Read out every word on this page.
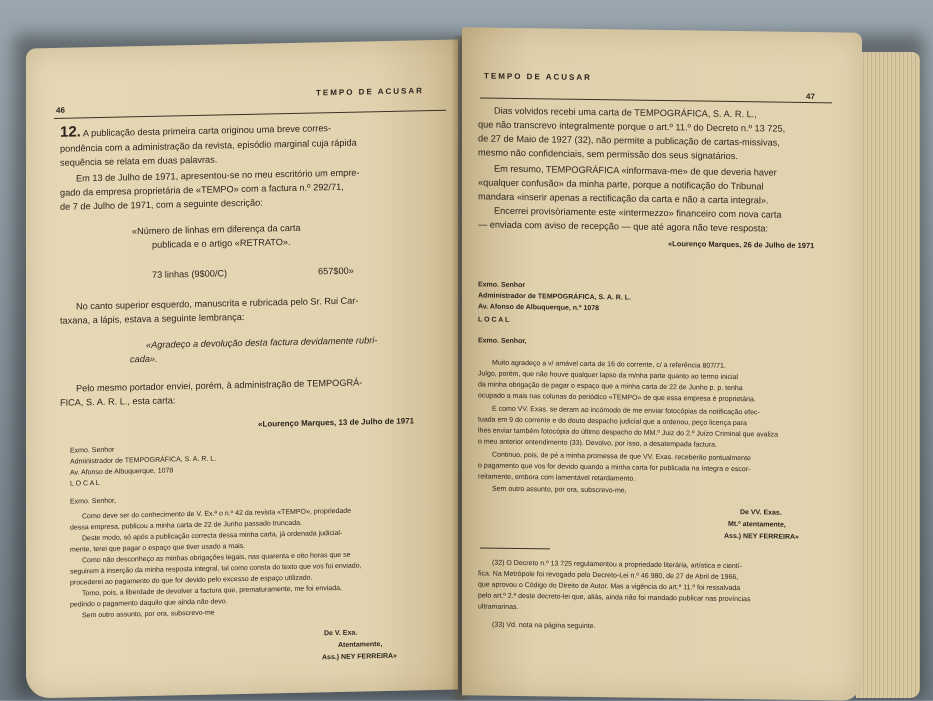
46
TEMPO DE ACUSAR
12. A publicação desta primeira carta originou uma breve corres-
pondência com a administração da revista, episódio marginal cuja rápida
sequência se relata em duas palavras.
Em 13 de Julho de 1971, apresentou-se no meu escritório um empre-
gado da empresa proprietária de «TEMPO» com a factura n.º 292/71,
de 7 de Julho de 1971, com a seguinte descrição:
«Número de linhas em diferença da carta
publicada e o artigo «RETRATO».
73 linhas (9$00/C)	657$00»
No canto superior esquerdo, manuscrita e rubricada pelo Sr. Rui Car-
taxana, a lápis, estava a seguinte lembrança:
«Agradeço a devolução desta factura devidamente rubri-
cada».
Pelo mesmo portador enviei, porém, à administração de TEMPOGRÁ-
FICA, S. A. R. L., esta carta:
«Lourenço Marques, 13 de Julho de 1971
Exmo. Senhor
Administrador de TEMPOGRÁFICA, S. A. R. L.
Av. Afonso de Albuquerque, 1078
L O C A L
Exmo. Senhor,
Como deve ser do conhecimento de V. Ex.ª o n.º 42 da revista «TEMPO», propriedade
dessa empresa, publicou a minha carta de 22 de Junho passado truncada.
Deste modo, só após a publicação correcta dessa minha carta, já ordenada judicial-
mente, terei que pagar o espaço que tiver usado a mais.
Como não desconheço as minhas obrigações legais, nas quarenta e oito horas que se
seguirem à inserção da minha resposta integral, tal como consta do texto que vos foi enviado,
procederei ao pagamento do que for devido pelo excesso de espaço utilizado.
Tomo, pois, a liberdade de devolver a factura que, prematuramente, me foi enviada,
pedindo o pagamento daquilo que ainda não devo.
Sem outro assunto, por ora, subscrevo-me
De V. Exa.
Atentamente,
Ass.) NEY FERREIRA»
TEMPO DE ACUSAR
47
Dias volvidos recebi uma carta de TEMPOGRÁFICA, S. A. R. L.,
que não transcrevo integralmente porque o art.º 11.º do Decreto n.º 13 725,
de 27 de Maio de 1927 (32), não permite a publicação de cartas-missivas,
mesmo não confidenciais, sem permissão dos seus signatários.
Em resumo, TEMPOGRÁFICA «informava-me» de que deveria haver
«qualquer confusão» da minha parte, porque a notificação do Tribunal
mandara «inserir apenas a rectificação da carta e não a carta integral».
Encerrei provisòriamente este «intermezzo» financeiro com nova carta
— enviada com aviso de recepção — que até agora não teve resposta:
«Lourenço Marques, 26 de Julho de 1971
Exmo. Senhor
Administrador de TEMPOGRÁFICA, S. A. R. L.
Av. Afonso de Albuquerque, n.º 1078
L O C A L
Exmo. Senhor,
Muito agradeço a v/ amável carta de 16 do corrente, c/ a referência 807/71.
Julgo, porém, que não houve qualquer lapso da m/nha parte quanto ao termo inicial
da minha obrigação de pagar o espaço que a minha carta de 22 de Junho p. p. tenha
ocupado a mais nas colunas do periódico «TEMPO» de que essa empresa é proprietária.
E como VV. Exas. se deram ao incómodo de me enviar fotocópias da notificação efec-
tuada em 9 do corrente e do douto despacho judicial que a ordenou, peço licença para
lhes enviar também fotocópia do último despacho do MM.º Juiz do 2.º Juízo Criminal que avaliza
o meu anterior entendimento (33). Devolvo, por isso, a desatempada factura.
Continuo, pois, de pé a minha promessa de que VV. Exas. receberão pontualmente
o pagamento que vos for devido quando a minha carta for publicada na íntegra e escor-
reitamente, embora com lamentável retardamento.
Sem outro assunto, por ora, subscrevo-me,
De VV. Exas.
Mt.º atentamente,
Ass.) NEY FERREIRA»
(32) O Decreto n.º 13 725 regulamentou a propriedade literária, artística e cientí-
fica. Na Metrópole foi revogado pelo Decreto-Lei n.º 46 980, de 27 de Abril de 1966,
que aprovou o Código do Direito de Autor. Mas a vigência do art.º 11.º foi ressalvada
pelo art.º 2.º deste decreto-lei que, aliás, ainda não foi mandado publicar nas províncias
ultramarinas.
(33) Vd. nota na página seguinte.
